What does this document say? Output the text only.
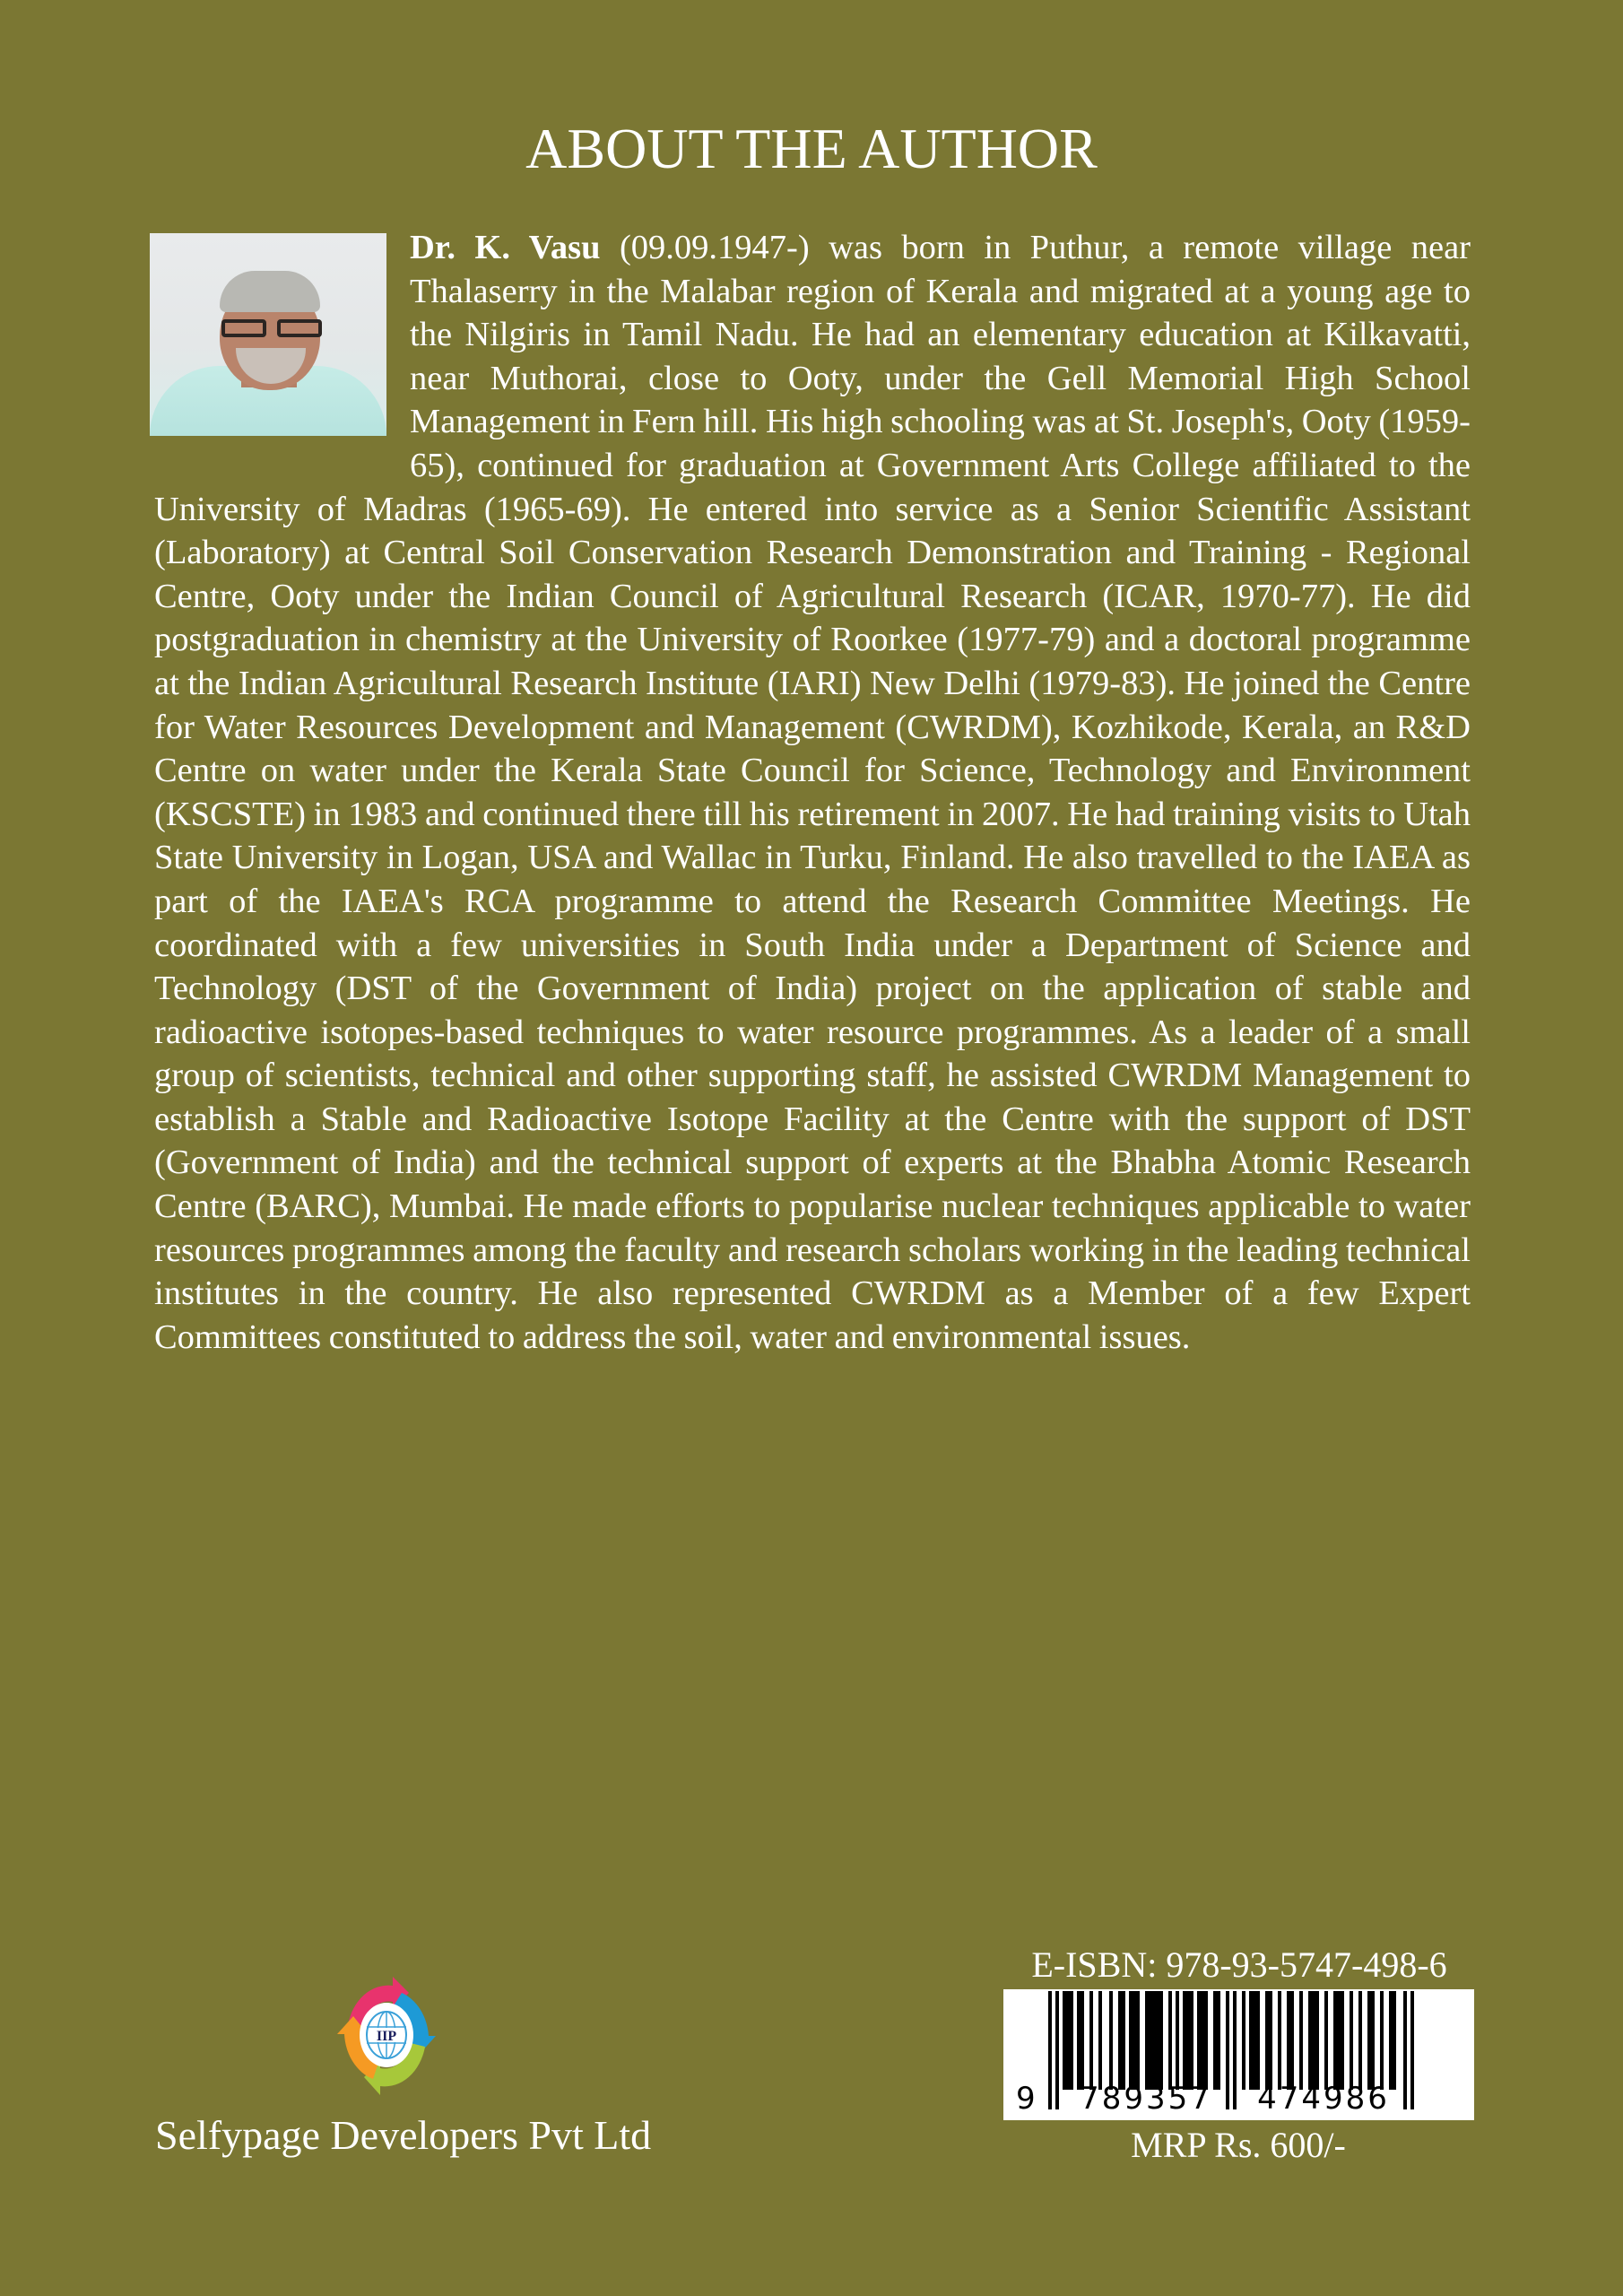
ABOUT THE AUTHOR
Dr. K. Vasu (09.09.1947-) was born in Puthur, a remote village near Thalaserry in the Malabar region of Kerala and migrated at a young age to the Nilgiris in Tamil Nadu. He had an elementary education at Kilkavatti, near Muthorai, close to Ooty, under the Gell Memorial High School Management in Fern hill. His high schooling was at St. Joseph's, Ooty (1959-65), continued for graduation at Government Arts College affiliated to the University of Madras (1965-69). He entered into service as a Senior Scientific Assistant (Laboratory) at Central Soil Conservation Research Demonstration and Training - Regional Centre, Ooty under the Indian Council of Agricultural Research (ICAR, 1970-77). He did postgraduation in chemistry at the University of Roorkee (1977-79) and a doctoral programme at the Indian Agricultural Research Institute (IARI) New Delhi (1979-83). He joined the Centre for Water Resources Development and Management (CWRDM), Kozhikode, Kerala, an R&D Centre on water under the Kerala State Council for Science, Technology and Environment (KSCSTE) in 1983 and continued there till his retirement in 2007. He had training visits to Utah State University in Logan, USA and Wallac in Turku, Finland. He also travelled to the IAEA as part of the IAEA's RCA programme to attend the Research Committee Meetings. He coordinated with a few universities in South India under a Department of Science and Technology (DST of the Government of India) project on the application of stable and radioactive isotopes-based techniques to water resource programmes. As a leader of a small group of scientists, technical and other supporting staff, he assisted CWRDM Management to establish a Stable and Radioactive Isotope Facility at the Centre with the support of DST (Government of India) and the technical support of experts at the Bhabha Atomic Research Centre (BARC), Mumbai. He made efforts to popularise nuclear techniques applicable to water resources programmes among the faculty and research scholars working in the leading technical institutes in the country. He also represented CWRDM as a Member of a few Expert Committees constituted to address the soil, water and environmental issues.
IIP
Selfypage Developers Pvt Ltd
E-ISBN: 978-93-5747-498-6
9	789357	474986
MRP Rs. 600/-
